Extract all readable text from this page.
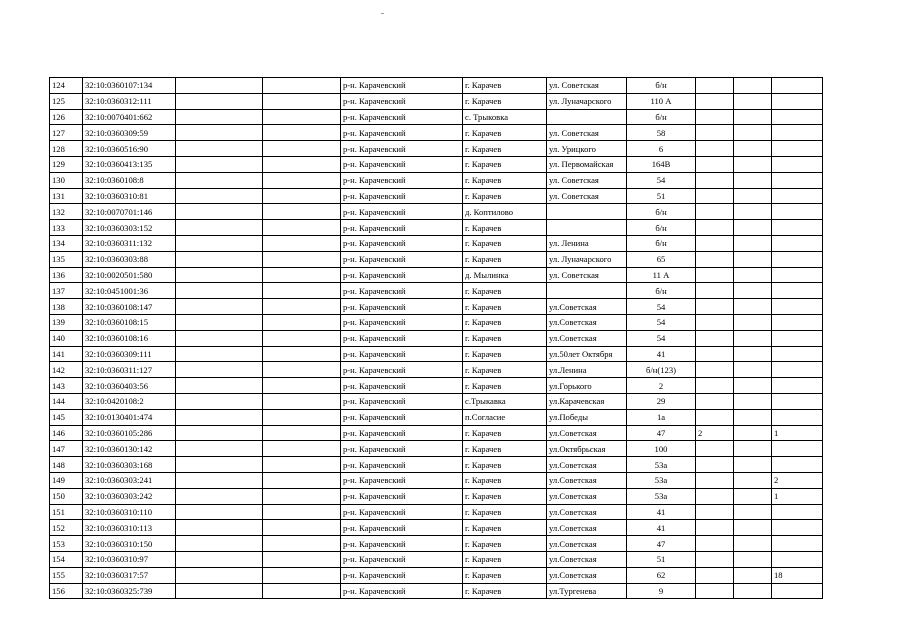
124	32:10:0360107:134			р-н. Карачевский	г. Карачев	ул. Советская	б/н			
125	32:10:0360312:111			р-н. Карачевский	г. Карачев	ул. Луначарского	110 А			
126	32:10:0070401:662			р-н. Карачевский	с. Трыковка		б/н			
127	32:10:0360309:59			р-н. Карачевский	г. Карачев	ул. Советская	58			
128	32:10:0360516:90			р-н. Карачевский	г. Карачев	ул. Урицкого	6			
129	32:10:0360413:135			р-н. Карачевский	г. Карачев	ул. Первомайская	164В			
130	32:10:0360108:8			р-н. Карачевский	г. Карачев	ул. Советская	54			
131	32:10:0360310:81			р-н. Карачевский	г. Карачев	ул. Советская	51			
132	32:10:0070701:146			р-н. Карачевский	д. Коптилово		б/н			
133	32:10:0360303:152			р-н. Карачевский	г. Карачев		б/н			
134	32:10:0360311:132			р-н. Карачевский	г. Карачев	ул. Ленина	б/н			
135	32:10:0360303:88			р-н. Карачевский	г. Карачев	ул. Луначарского	65			
136	32:10:0020501:580			р-н. Карачевский	д. Мылинка	ул. Советская	11 А			
137	32:10:0451001:36			р-н. Карачевский	г. Карачев		б/н			
138	32:10:0360108:147			р-н. Карачевский	г. Карачев	ул.Советская	54			
139	32:10:0360108:15			р-н. Карачевский	г. Карачев	ул.Советская	54			
140	32:10:0360108:16			р-н. Карачевский	г. Карачев	ул.Советская	54			
141	32:10:0360309:111			р-н. Карачевский	г. Карачев	ул.50лет Октября	41			
142	32:10:0360311:127			р-н. Карачевский	г. Карачев	ул.Ленина	б/н(123)			
143	32:10:0360403:56			р-н. Карачевский	г. Карачев	ул.Горького	2			
144	32:10:0420108:2			р-н. Карачевский	с.Трыкавка	ул.Карачевская	29			
145	32:10:0130401:474			р-н. Карачевский	п.Согласие	ул.Победы	1а			
146	32:10:0360105:286			р-н. Карачевский	г. Карачев	ул.Советская	47	2		1
147	32:10:0360130:142			р-н. Карачевский	г. Карачев	ул.Октябрьская	100			
148	32:10:0360303:168			р-н. Карачевский	г. Карачев	ул.Советская	53а			
149	32:10:0360303:241			р-н. Карачевский	г. Карачев	ул.Советская	53а			2
150	32:10:0360303:242			р-н. Карачевский	г. Карачев	ул.Советская	53а			1
151	32:10:0360310:110			р-н. Карачевский	г. Карачев	ул.Советская	41			
152	32:10:0360310:113			р-н. Карачевский	г. Карачев	ул.Советская	41			
153	32:10:0360310:150			р-н. Карачевский	г. Карачев	ул.Советская	47			
154	32:10:0360310:97			р-н. Карачевский	г. Карачев	ул.Советская	51			
155	32:10:0360317:57			р-н. Карачевский	г. Карачев	ул.Советская	62			18
156	32:10:0360325:739			р-н. Карачевский	г. Карачев	ул.Тургенева	9			
